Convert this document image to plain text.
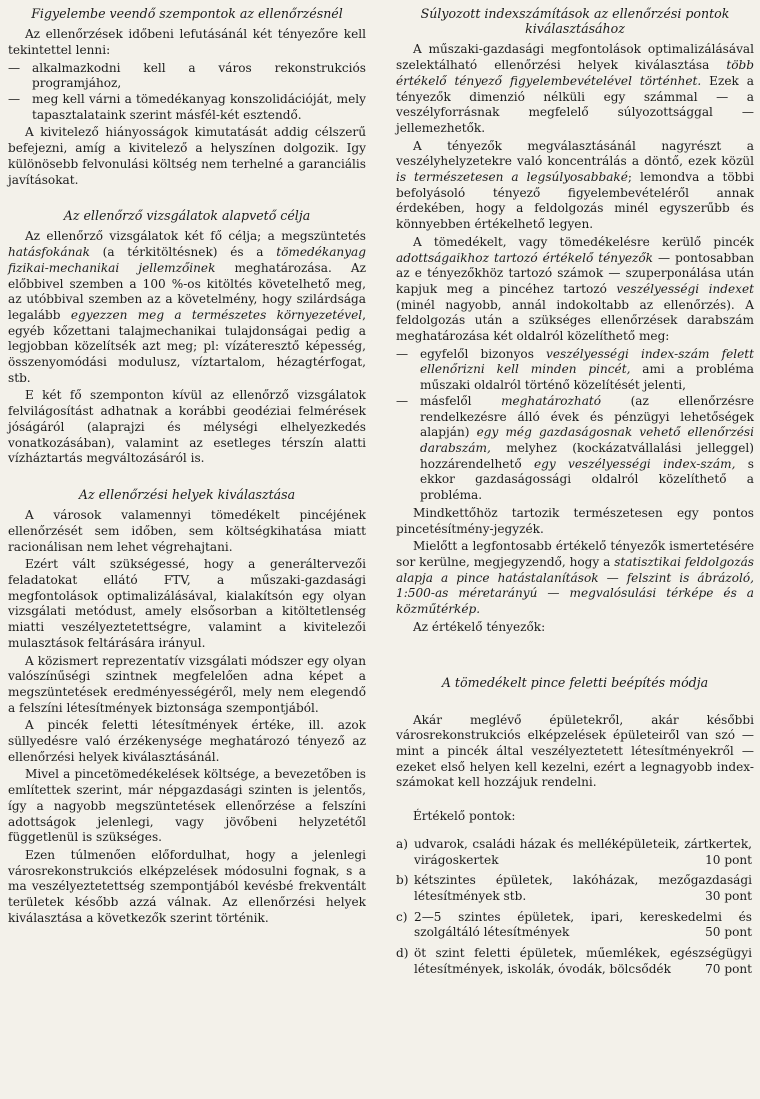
Figyelembe veendő szempontok az ellenőrzésnél

Az ellenőrzések időbeni lefutásánál két tényezőre kell tekintettel lenni:

— alkalmazkodni kell a város rekonstrukciós programjához,
— meg kell várni a tömedékanyag konszolidációját, mely tapasztalataink szerint másfél-két esztendő.

A kivitelező hiányosságok kimutatását addig célszerű befejezni, amíg a kivitelező a helyszínen dolgozik. Igy különösebb felvonulási költség nem terhelné a garanciális javításokat.

Az ellenőrző vizsgálatok alapvető célja

Az ellenőrző vizsgálatok két fő célja; a megszüntetés hatásfokának (a térkitöltésnek) és a tömedékanyag fizikai-mechanikai jellemzőinek meghatározása. Az előbbivel szemben a 100 %-os kitöltés követelhető meg, az utóbbival szemben az a követelmény, hogy szilárdsága legalább egyezzen meg a természetes környezetével, egyéb kőzettani talajmechanikai tulajdonságai pedig a legjobban közelítsék azt meg; pl: vízáteresztő képesség, összenyomódási modulusz, víztartalom, hézagtérfogat, stb.

E két fő szemponton kívül az ellenőrző vizsgálatok felvilágosítást adhatnak a korábbi geodéziai felmérések jóságáról (alaprajzi és mélységi elhelyezkedés vonatkozásában), valamint az esetleges térszín alatti vízháztartás megváltozásáról is.

Az ellenőrzési helyek kiválasztása

A városok valamennyi tömedékelt pincéjének ellenőrzését sem időben, sem költségkihatása miatt racionálisan nem lehet végrehajtani.

Ezért vált szükségessé, hogy a generáltervezői feladatokat ellátó FTV, a műszaki-gazdasági megfontolások optimalizálásával, kialakítsón egy olyan vizsgálati metódust, amely elsősorban a kitöltetlenség miatti veszélyeztetettségre, valamint a kivitelezői mulasztások feltárására irányul.

A közismert reprezentatív vizsgálati módszer egy olyan valószínűségi szintnek megfelelően adna képet a megszüntetések eredményességéről, mely nem elegendő a felszíni létesítmények biztonsága szempontjából.

A pincék feletti létesítmények értéke, ill. azok süllyedésre való érzékenysége meghatározó tényező az ellenőrzési helyek kiválasztásánál.

Mivel a pincetömedékelések költsége, a bevezetőben is említettek szerint, már népgazdasági szinten is jelentős, így a nagyobb megszüntetések ellenőrzése a felszíni adottságok jelenlegi, vagy jövőbeni helyzetétől függetlenül is szükséges.

Ezen túlmenően előfordulhat, hogy a jelenlegi városrekonstrukciós elképzelések módosulni fognak, s a ma veszélyeztetettség szempontjából kevésbé frekventált területek később azzá válnak. Az ellenőrzési helyek kiválasztása a következők szerint történik.

Súlyozott indexszámítások az ellenőrzési pontok kiválasztásához

A műszaki-gazdasági megfontolások optimalizálásával szelektálható ellenőrzési helyek kiválasztása több értékelő tényező figyelembevételével történhet. Ezek a tényezők dimenzió nélküli egy számmal — a veszélyforrásnak megfelelő súlyozottsággal — jellemezhetők.

A tényezők megválasztásánál nagyrészt a veszélyhelyzetekre való koncentrálás a döntő, ezek közül is természetesen a legsúlyosabbaké; lemondva a többi befolyásoló tényező figyelembevételéről annak érdekében, hogy a feldolgozás minél egyszerűbb és könnyebben értékelhető legyen.

A tömedékelt, vagy tömedékelésre kerülő pincék adottságaikhoz tartozó értékelő tényezők — pontosabban az e tényezőkhöz tartozó számok — szuperponálása után kapjuk meg a pincéhez tartozó veszélyességi indexet (minél nagyobb, annál indokoltabb az ellenőrzés). A feldolgozás után a szükséges ellenőrzések darabszám meghatározása két oldalról közelíthető meg:

— egyfelől bizonyos veszélyességi index-szám felett ellenőrizni kell minden pincét, ami a probléma műszaki oldalról történő közelítését jelenti,
— másfelől meghatározható (az ellenőrzésre rendelkezésre álló évek és pénzügyi lehetőségek alapján) egy még gazdaságosnak vehető ellenőrzési darabszám, melyhez (kockázatvállalási jelleggel) hozzárendelhető egy veszélyességi index-szám, s ekkor gazdaságossági oldalról közelíthető a probléma.

Mindkettőhöz tartozik természetesen egy pontos pincetésítmény-jegyzék.

Mielőtt a legfontosabb értékelő tényezők ismertetésére sor kerülne, megjegyzendő, hogy a statisztikai feldolgozás alapja a pince hatástalanítások — felszint is ábrázoló, 1:500-as méretarányú — megvalósulási térképe és a közműtérkép.

Az értékelő tényezők:

A tömedékelt pince feletti beépítés módja

Akár meglévő épületekről, akár későbbi városrekonstrukciós elképzelések épületeiről van szó — mint a pincék által veszélyeztetett létesítményekről — ezeket első helyen kell kezelni, ezért a legnagyobb index-számokat kell hozzájuk rendelni.

Értékelő pontok:

a) udvarok, családi házak és melléképületeik, zártkertek, virágoskertek	10 pont
b) kétszintes épületek, lakóházak, mezőgazdasági létesítmények stb.	30 pont
c) 2—5 szintes épületek, ipari, kereskedelmi és szolgáltáló létesítmények	50 pont
d) öt szint feletti épületek, műemlékek, egészségügyi létesítmények, iskolák, óvodák, bölcsődék	70 pont
